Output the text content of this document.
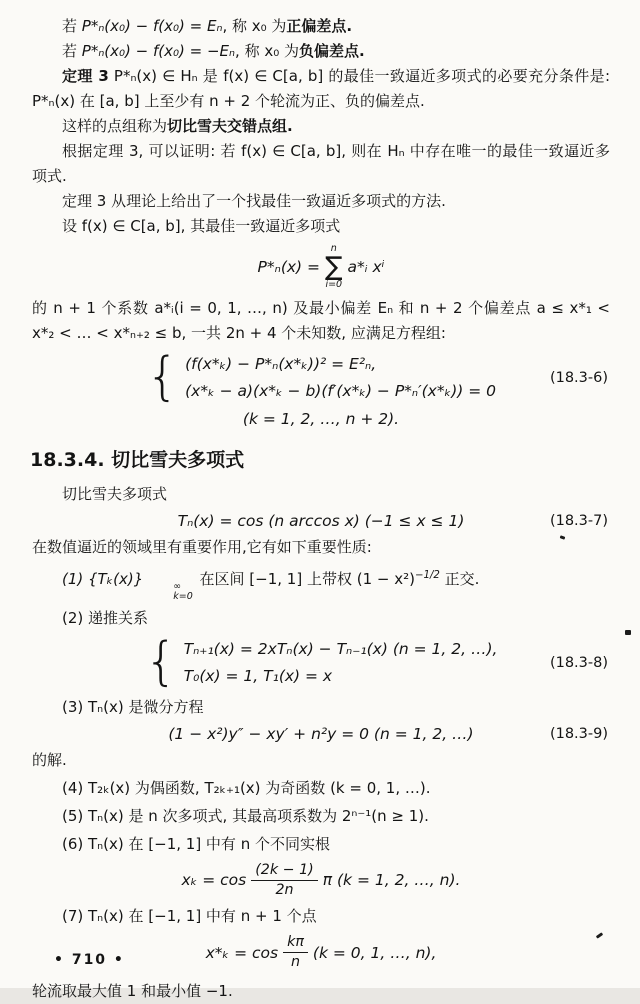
若 P*ₙ(x₀) − f(x₀) = Eₙ, 称 x₀ 为正偏差点.

若 P*ₙ(x₀) − f(x₀) = −Eₙ, 称 x₀ 为负偏差点.

定理 3 P*ₙ(x) ∈ Hₙ 是 f(x) ∈ C[a, b] 的最佳一致逼近多项式的必要充分条件是: P*ₙ(x) 在 [a, b] 上至少有 n + 2 个轮流为正、负的偏差点.

这样的点组称为切比雪夫交错点组.

根据定理 3, 可以证明: 若 f(x) ∈ C[a, b], 则在 Hₙ 中存在唯一的最佳一致逼近多项式.

定理 3 从理论上给出了一个找最佳一致逼近多项式的方法.

设 f(x) ∈ C[a, b], 其最佳一致逼近多项式

P*ₙ(x) =
n
∑
i=0
a*ᵢ xⁱ

的 n + 1 个系数 a*ᵢ(i = 0, 1, …, n) 及最小偏差 Eₙ 和 n + 2 个偏差点 a ≤ x*₁ < x*₂ < … < x*ₙ₊₂ ≤ b, 一共 2n + 4 个未知数, 应满足方程组:

{ (f(x*ₖ) − P*ₙ(x*ₖ))² = E²ₙ,
(x*ₖ − a)(x*ₖ − b)(f′(x*ₖ) − P*ₙ′(x*ₖ)) = 0
(k = 1, 2, …, n + 2).
(18.3-6)
18.3.4. 切比雪夫多项式

切比雪夫多项式

Tₙ(x) = cos (n arccos x) (−1 ≤ x ≤ 1)	(18.3-7)

在数值逼近的领域里有重要作用,它有如下重要性质:

(1) {Tₖ(x)}	∞
k=0
在区间 [−1, 1] 上带权 $(1 - x^2)^{-1/2}$ 正交.

(2) 递推关系

{ Tₙ₊₁(x) = 2xTₙ(x) − Tₙ₋₁(x) (n = 1, 2, …),
T₀(x) = 1, T₁(x) = x
(18.3-8)

(3) Tₙ(x) 是微分方程

(1 − x²)y″ − xy′ + n²y = 0 (n = 1, 2, …)	(18.3-9)

的解.

(4) T₂ₖ(x) 为偶函数, T₂ₖ₊₁(x) 为奇函数 (k = 0, 1, …).

(5) Tₙ(x) 是 n 次多项式, 其最高项系数为 2ⁿ⁻¹(n ≥ 1).

(6) Tₙ(x) 在 [−1, 1] 中有 n 个不同实根

$x_k = \cos \frac{(2k - 1)}{2n}$ π (k = 1, 2, …, n).

(7) Tₙ(x) 在 [−1, 1] 中有 n + 1 个点

$x*_k = \cos \frac{k\pi}{n} (k = 0$, 1, …, n),

轮流取最大值 1 和最小值 −1.

• 710 •
